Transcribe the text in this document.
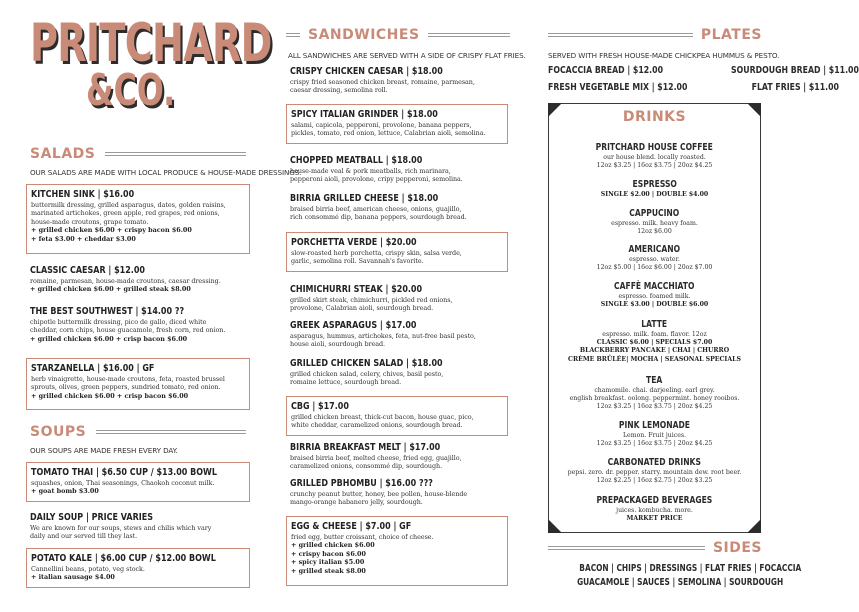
PRITCHARD
&CO.
SALADS
OUR SALADS ARE MADE WITH LOCAL PRODUCE & HOUSE-MADE DRESSINGS.
KITCHEN SINK | $16.00
buttermilk dressing, grilled asparagus, dates, golden raisins,
marinated artichokes, green apple, red grapes, red onions,
house-made croutons, grape tomato.
+ grilled chicken $6.00 + crispy bacon $6.00
+ feta $3.00 + cheddar $3.00
CLASSIC CAESAR | $12.00
romaine, parmesan, house-made croutons, caesar dressing.
+ grilled chicken $6.00 + grilled steak $8.00
THE BEST SOUTHWEST | $14.00 ??
chipotle buttermilk dressing, pico de gallo, diced white
cheddar, corn chips, house guacamole, fresh corn, red onion.
+ grilled chicken $6.00 + crisp bacon $6.00
STARZANELLA | $16.00 | GF
herb vinaigrette, house-made croutons, feta, roasted brussel
sprouts, olives, green peppers, sundried tomato, red onion.
+ grilled chicken $6.00 + crisp bacon $6.00
SOUPS
OUR SOUPS ARE MADE FRESH EVERY DAY.
TOMATO THAI | $6.50 CUP / $13.00 BOWL
squashes, onion, Thai seasonings, Chaokoh coconut milk.
+ goat bomb $3.00
DAILY SOUP | PRICE VARIES
We are known for our soups, stews and chilis which vary
daily and our served till they last.
POTATO KALE | $6.00 CUP / $12.00 BOWL
Cannellini beans, potato, veg stock.
+ italian sausage $4.00
SANDWICHES
ALL SANDWICHES ARE SERVED WITH A SIDE OF CRISPY FLAT FRIES.
CRISPY CHICKEN CAESAR | $18.00
crispy fried seasoned chicken breast, romaine, parmesan,
caesar dressing, semolina roll.
SPICY ITALIAN GRINDER | $18.00
salami, capicola, pepperoni, provolone, banana peppers,
pickles, tomato, red onion, lettuce, Calabrian aioli, semolina.
CHOPPED MEATBALL | $18.00
house-made veal & pork meatballs, rich marinara,
pepperoni aioli, provolone, cripy pepperoni, semolina.
BIRRIA GRILLED CHEESE | $18.00
braised birria beef, american cheese, onions, guajillo,
rich consommé dip, banana peppers, sourdough bread.
PORCHETTA VERDE | $20.00
slow-roasted herb porchetta, crispy skin, salsa verde,
garlic, semolina roll. Savannah's favorite.
CHIMICHURRI STEAK | $20.00
grilled skirt steak, chimichurri, pickled red onions,
provolone, Calabrian aioli, sourdough bread.
GREEK ASPARAGUS | $17.00
asparagus, hummus, artichokes, feta, nut-free basil pesto,
house aioli, sourdough bread.
GRILLED CHICKEN SALAD | $18.00
grilled chicken salad, celery, chives, basil pesto,
romaine lettuce, sourdough bread.
CBG | $17.00
grilled chicken breast, thick-cut bacon, house guac, pico,
white cheddar, caramelized onions, sourdough bread.
BIRRIA BREAKFAST MELT | $17.00
braised birria beef, melted cheese, fried egg, guajillo,
caramelized onions, consommé dip, sourdough.
GRILLED PBHOMBU | $16.00 ???
crunchy peanut butter, honey, bee pollen, house-blende
mango-orange habanero jelly, sourdough.
EGG & CHEESE | $7.00 | GF
fried egg, butter croissant, choice of cheese.
+ grilled chicken $6.00
+ crispy bacon $6.00
+ spicy italian $5.00
+ grilled steak $8.00
PLATES
SERVED WITH FRESH HOUSE-MADE CHICKPEA HUMMUS & PESTO.
FOCACCIA BREAD | $12.00	SOURDOUGH BREAD | $11.00
FRESH VEGETABLE MIX | $12.00	FLAT FRIES | $11.00
DRINKS
PRITCHARD HOUSE COFFEE
our house blend. locally roasted.
12oz $3.25 | 16oz $3.75 | 20oz $4.25
ESPRESSO
SINGLE $2.00 | DOUBLE $4.00
CAPPUCINO
espresso. milk. heavy foam.
12oz $6.00
AMERICANO
espresso. water.
12oz $5.00 | 16oz $6.00 | 20oz $7.00
CAFFÈ MACCHIATO
espresso. foamed milk.
SINGLE $3.00 | DOUBLE $6.00
LATTE
espresso. milk. foam. flavor. 12oz
CLASSIC $6.00 | SPECIALS $7.00
BLACKBERRY PANCAKE | CHAI | CHURRO
CRÈME BRÛLÉE| MOCHA | SEASONAL SPECIALS
TEA
chamomile. chai. darjeeling. earl grey.
english breakfast. oolong. peppermint. honey rooibos.
12oz $3.25 | 16oz $3.75 | 20oz $4.25
PINK LEMONADE
Lemon. Fruit juices.
12oz $3.25 | 16oz $3.75 | 20oz $4.25
CARBONATED DRINKS
pepsi. zero. dr. pepper. starry. mountain dew. root beer.
12oz $2.25 | 16oz $2.75 | 20oz $3.25
PREPACKAGED BEVERAGES
juices. kombucha. more.
MARKET PRICE
SIDES
BACON | CHIPS | DRESSINGS | FLAT FRIES | FOCACCIA
GUACAMOLE | SAUCES | SEMOLINA | SOURDOUGH
